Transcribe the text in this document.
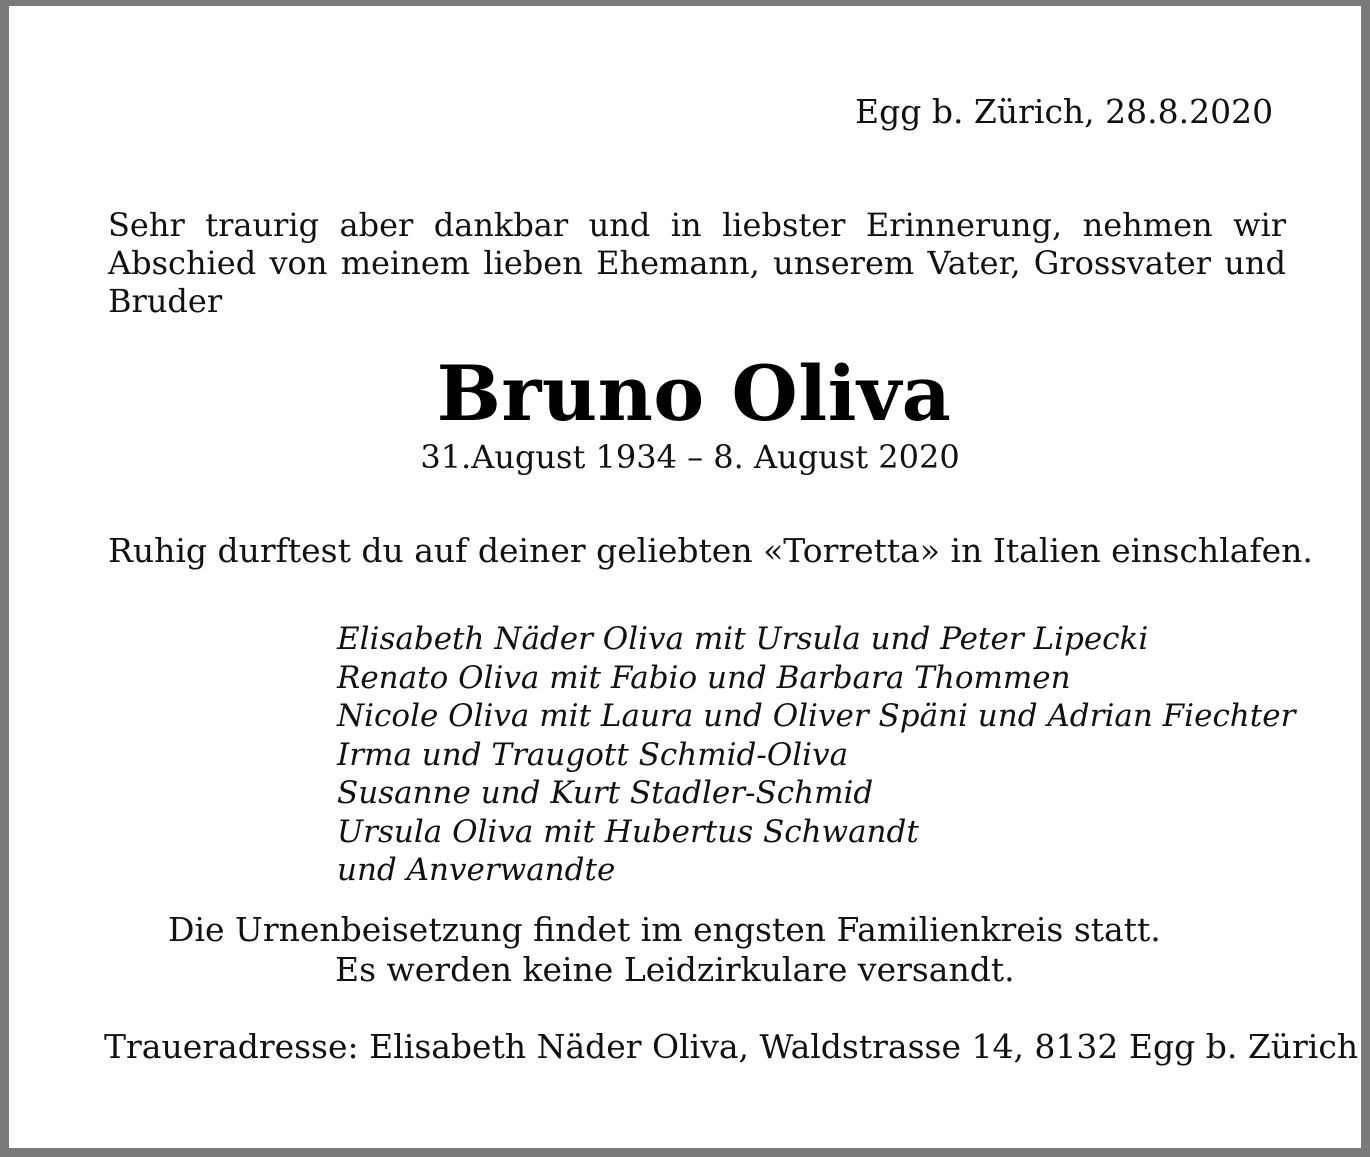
Egg b. Zürich, 28.8.2020

Sehr traurig aber dankbar und in liebster Erinnerung, nehmen wir Abschied von meinem lieben Ehemann, unserem Vater, Grossvater und Bruder

Bruno Oliva

31.August 1934 – 8. August 2020

Ruhig durftest du auf deiner geliebten «Torretta» in Italien einschlafen.

Elisabeth Näder Oliva mit Ursula und Peter Lipecki
Renato Oliva mit Fabio und Barbara Thommen
Nicole Oliva mit Laura und Oliver Späni und Adrian Fiechter
Irma und Traugott Schmid-Oliva
Susanne und Kurt Stadler-Schmid
Ursula Oliva mit Hubertus Schwandt
und Anverwandte

Die Urnenbeisetzung findet im engsten Familienkreis statt.

Es werden keine Leidzirkulare versandt.

Traueradresse: Elisabeth Näder Oliva, Waldstrasse 14, 8132 Egg b. Zürich
